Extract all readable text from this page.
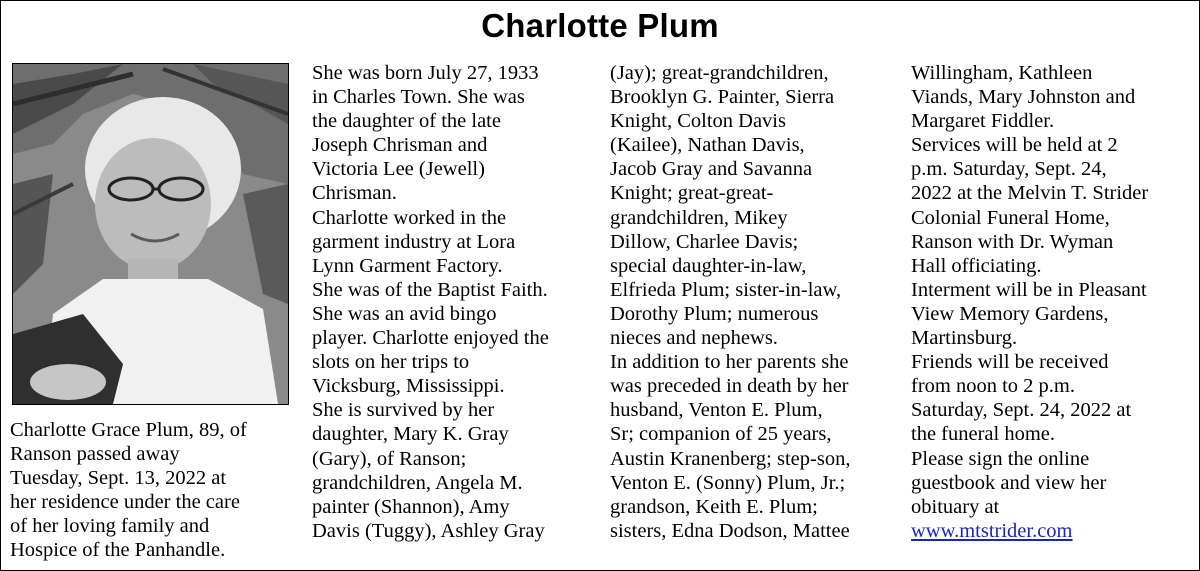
Charlotte Plum

Charlotte Grace Plum, 89, of

Ranson passed away

Tuesday, Sept. 13, 2022 at

her residence under the care

of her loving family and

Hospice of the Panhandle.

She was born July 27, 1933

in Charles Town. She was

the daughter of the late

Joseph Chrisman and

Victoria Lee (Jewell)

Chrisman.

Charlotte worked in the

garment industry at Lora

Lynn Garment Factory.

She was of the Baptist Faith.

She was an avid bingo

player. Charlotte enjoyed the

slots on her trips to

Vicksburg, Mississippi.

She is survived by her

daughter, Mary K. Gray

(Gary), of Ranson;

grandchildren, Angela M.

painter (Shannon), Amy

Davis (Tuggy), Ashley Gray

(Jay); great-grandchildren,

Brooklyn G. Painter, Sierra

Knight, Colton Davis

(Kailee), Nathan Davis,

Jacob Gray and Savanna

Knight; great-great-

grandchildren, Mikey

Dillow, Charlee Davis;

special daughter-in-law,

Elfrieda Plum; sister-in-law,

Dorothy Plum; numerous

nieces and nephews.

In addition to her parents she

was preceded in death by her

husband, Venton E. Plum,

Sr; companion of 25 years,

Austin Kranenberg; step-son,

Venton E. (Sonny) Plum, Jr.;

grandson, Keith E. Plum;

sisters, Edna Dodson, Mattee

Willingham, Kathleen

Viands, Mary Johnston and

Margaret Fiddler.

Services will be held at 2

p.m. Saturday, Sept. 24,

2022 at the Melvin T. Strider

Colonial Funeral Home,

Ranson with Dr. Wyman

Hall officiating.

Interment will be in Pleasant

View Memory Gardens,

Martinsburg.

Friends will be received

from noon to 2 p.m.

Saturday, Sept. 24, 2022 at

the funeral home.

Please sign the online

guestbook and view her

obituary at

www.mtstrider.com
